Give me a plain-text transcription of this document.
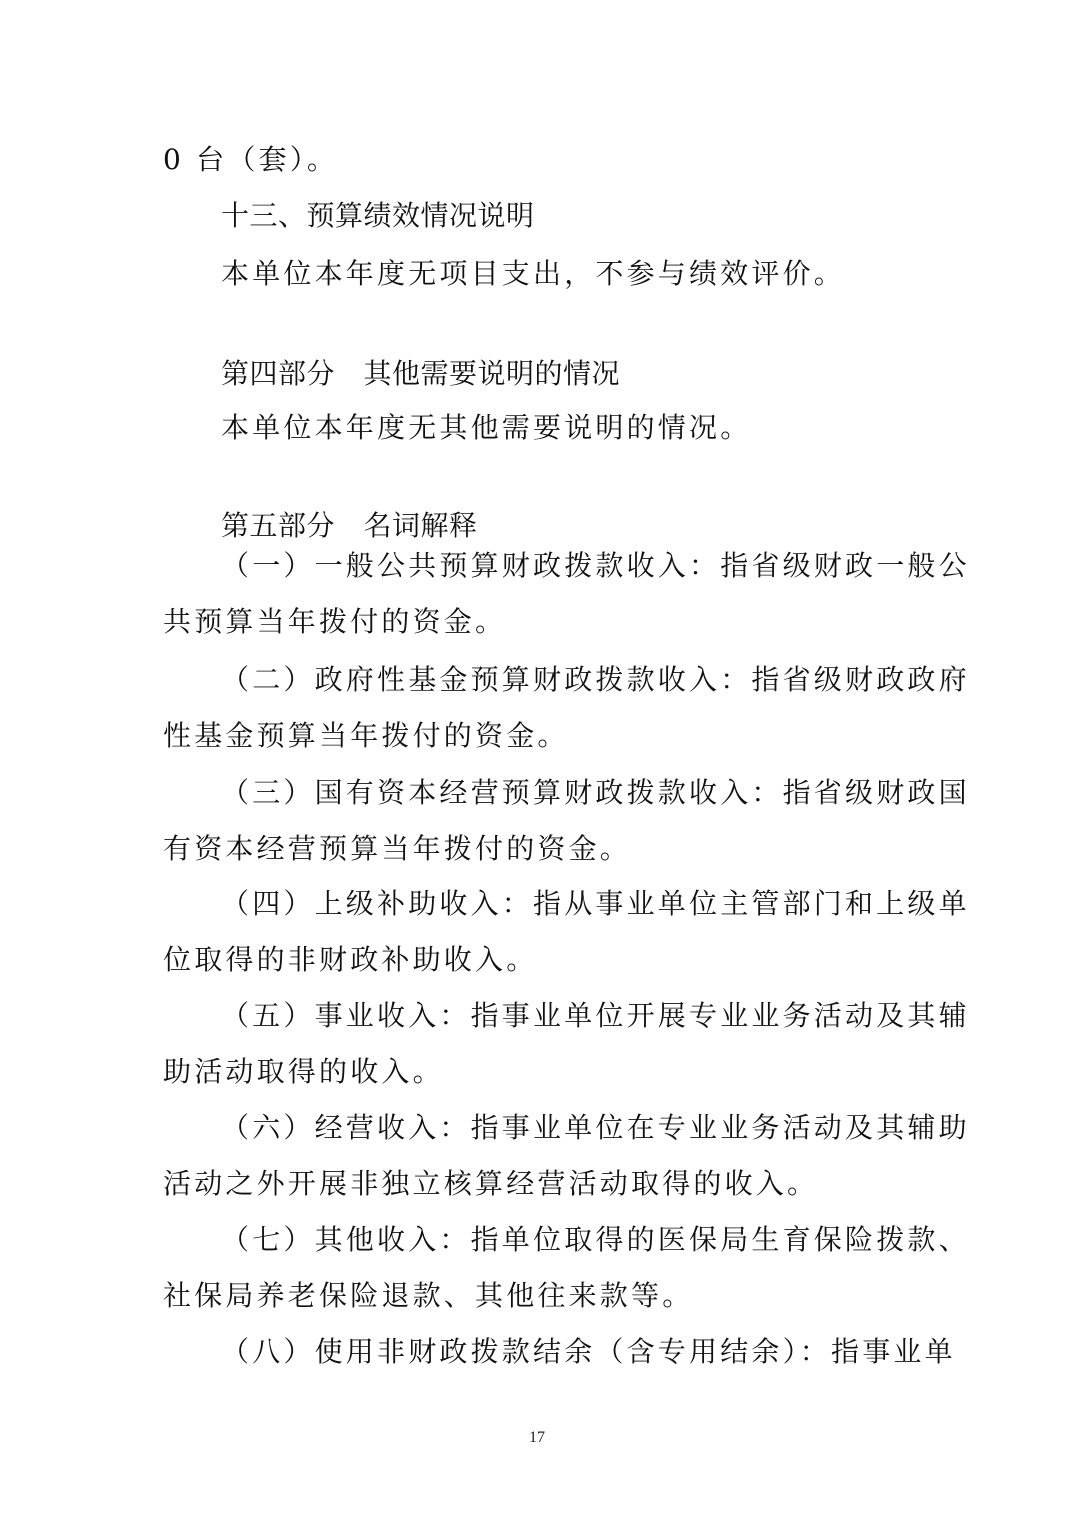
0 台（套）。
十三、预算绩效情况说明
本单位本年度无项目支出，不参与绩效评价。
第四部分　其他需要说明的情况
本单位本年度无其他需要说明的情况。
第五部分　名词解释
（一）一般公共预算财政拨款收入：指省级财政一般公
共预算当年拨付的资金。
（二）政府性基金预算财政拨款收入：指省级财政政府
性基金预算当年拨付的资金。
（三）国有资本经营预算财政拨款收入：指省级财政国
有资本经营预算当年拨付的资金。
（四）上级补助收入：指从事业单位主管部门和上级单
位取得的非财政补助收入。
（五）事业收入：指事业单位开展专业业务活动及其辅
助活动取得的收入。
（六）经营收入：指事业单位在专业业务活动及其辅助
活动之外开展非独立核算经营活动取得的收入。
（七）其他收入：指单位取得的医保局生育保险拨款、
社保局养老保险退款、其他往来款等。
（八）使用非财政拨款结余（含专用结余）：指事业单
17
